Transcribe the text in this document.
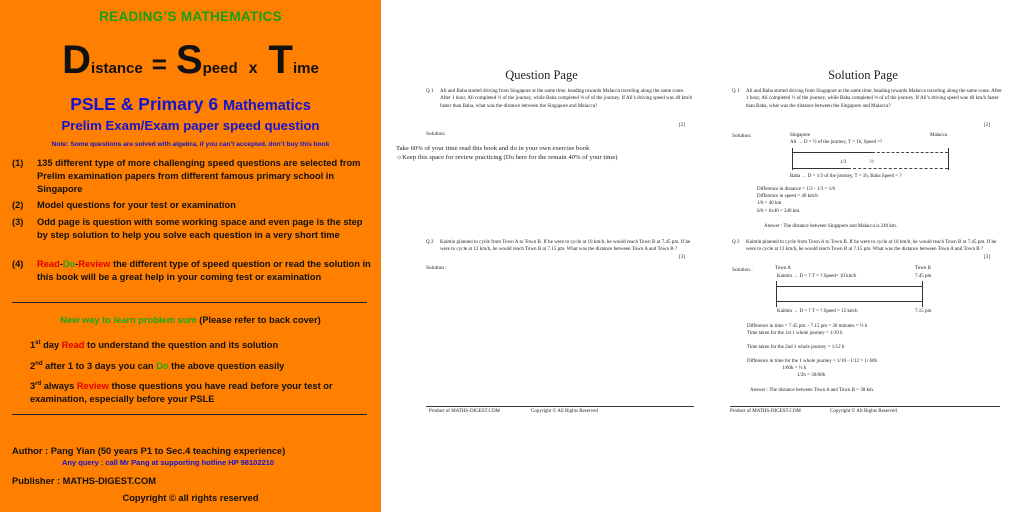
READING’S MATHEMATICS
Distance = Speed x Time
PSLE & Primary 6 Mathematics
Prelim Exam/Exam paper speed question
Note: Some questions are solved with algebra, if you can’t accepted, don’t buy this book
(1) 135 different type of more challenging speed questions are selected from Prelim examination papers from different famous primary school in Singapore
(2) Model questions for your test or examination
(3) Odd page is question with some working space and even page is the step by step solution to help you solve each question in a very short time
(4) Read-Do-Review the different type of speed question or read the solution in this book will be a great help in your coming test or examination
New way to learn problem sum (Please refer to back cover)
1st day Read to understand the question and its solution
2nd after 1 to 3 days you can Do the above question easily
3rd always Review those questions you have read before your test or examination, especially before your PSLE
Author : Pang Yian (50 years P1 to Sec.4 teaching experience)
Any query : call Mr Pang at supporting hotline HP 98102210
Publisher : MATHS-DIGEST.COM
Copyright © all rights reserved
Question Page
Q 1 Ali and Baba started driving from Singapore at the same time, heading towards Malacca traveling along the same route. After 1 hour, Ali completed ½ of the journey, while Baba completed ⅓ of of the journey. If Ali’s driving speed was 40 km/h faster than Baba, what was the distance between the Singapore and Malacca?
[2]
Solution:
Take 60% of your time read this book and do in your own exercise book
☼Keep this space for review practicing (Do here for the remain 40% of your time)
Q 2 Kaimin planned to cycle from Town A to Town B. If he were to cycle at 10 km/h, he would reach Town B at 7.45 pm. If he were to cycle at 12 km/h, he would reach Town B at 7.15 pm. What was the distance between Town A and Town B ?
[3]
Solution :
Product of MATHS-DIGEST.COM	Copyright © All Rights Reserved
Solution Page
Q 1 Ali and Baba started driving from Singapore at the same time, heading towards Malacca traveling along the same route. After 1 hour, Ali completed ½ of the journey, while Baba completed ⅓ of of the journey. If Ali’s driving speed was 40 km/h faster than Baba, what was the distance between the Singapore and Malacca?
[2]
Solution:	Singapore	Malacca
Ali → D = ½ of the journey, T = 1h, Speed =?
1/3	½
Baba → D = 1/3 of the journey, T = 1h, Baba Speed = ?
Difference in distance = 1/2 - 1/3 = 1/6
Difference in speed = 40 km/h
1/6 = 40 km
6/6 = 6x40 = 240 km.
Answer : The distance between Singapore and Malacca is 240 km.
Q 2 Kaimin planned to cycle from Town A to Town B. If he were to cycle at 10 km/h, he would reach Town B at 7.45 pm. If he were to cycle at 12 km/h, he would reach Town B at 7.15 pm. What was the distance between Town A and Town B ?
[3]
Solution :	Town A	Town B
Kaimin → D = ? T = ? Speed= 10 km/h	7.45 pm
Kaimin → D = ? T = ? Speed = 12 km/h	7.15 pm
Difference in time = 7.45 pm. - 7.15 pm = 30 minutes = ½ h
Time taken for the 1st 1 whole journey = 1/10 h
Time taken for the 2nd 1 whole journey = 1/12 h
Difference in time for the 1 whole journey = 1/10 - 1/12 = 1/ 60h
1/60h = ½ h
1/2h = 30/60h
Answer : The distance between Town A and Town B = 30 km.
Product of MATHS-DIGEST.COM	Copyright © All Rights Reserved
